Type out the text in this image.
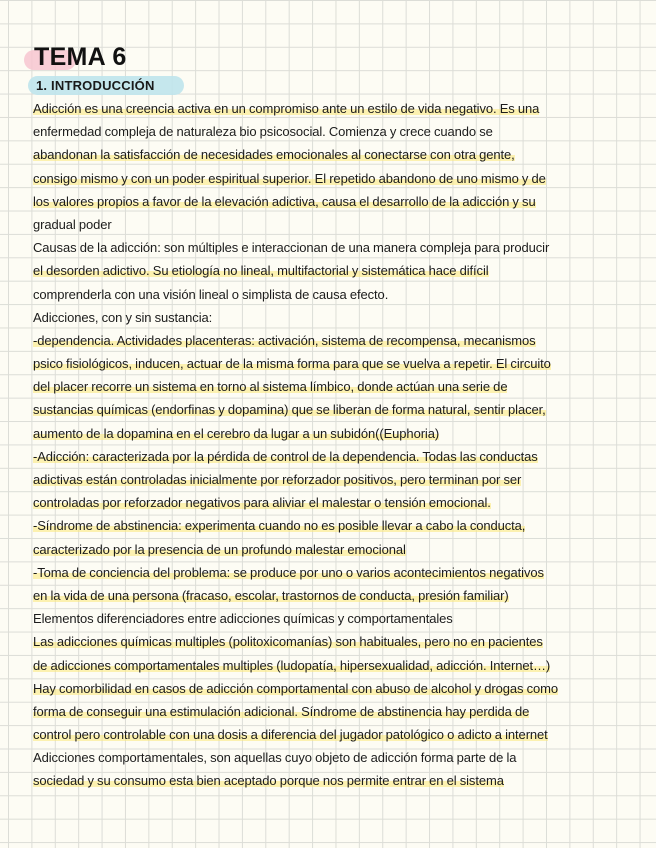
TEMA 6
1. INTRODUCCIÓN
Adicción es una creencia activa en un compromiso ante un estilo de vida negativo. Es una
enfermedad compleja de naturaleza bio psicosocial. Comienza y crece cuando se
abandonan la satisfacción de necesidades emocionales al conectarse con otra gente,
consigo mismo y con un poder espiritual superior. El repetido abandono de uno mismo y de
los valores propios a favor de la elevación adictiva, causa el desarrollo de la adicción y su
gradual poder
Causas de la adicción: son múltiples e interaccionan de una manera compleja para producir
el desorden adictivo. Su etiología no lineal, multifactorial y sistemática hace difícil
comprenderla con una visión lineal o simplista de causa efecto.
Adicciones, con y sin sustancia:
-dependencia. Actividades placenteras: activación, sistema de recompensa, mecanismos
psico fisiológicos, inducen, actuar de la misma forma para que se vuelva a repetir. El circuito
del placer recorre un sistema en torno al sistema límbico, donde actúan una serie de
sustancias químicas (endorfinas y dopamina) que se liberan de forma natural, sentir placer,
aumento de la dopamina en el cerebro da lugar a un subidón((Euphoria)
-Adicción: caracterizada por la pérdida de control de la dependencia. Todas las conductas
adictivas están controladas inicialmente por reforzador positivos, pero terminan por ser
controladas por reforzador negativos para aliviar el malestar o tensión emocional.
-Síndrome de abstinencia: experimenta cuando no es posible llevar a cabo la conducta,
caracterizado por la presencia de un profundo malestar emocional
-Toma de conciencia del problema: se produce por uno o varios acontecimientos negativos
en la vida de una persona (fracaso, escolar, trastornos de conducta, presión familiar)
Elementos diferenciadores entre adicciones químicas y comportamentales
Las adicciones químicas multiples (politoxicomanías) son habituales, pero no en pacientes
de adicciones comportamentales multiples (ludopatía, hipersexualidad, adicción. Internet…)
Hay comorbilidad en casos de adicción comportamental con abuso de alcohol y drogas como
forma de conseguir una estimulación adicional. Síndrome de abstinencia hay perdida de
control pero controlable con una dosis a diferencia del jugador patológico o adicto a internet
Adicciones comportamentales, son aquellas cuyo objeto de adicción forma parte de la
sociedad y su consumo esta bien aceptado porque nos permite entrar en el sistema
